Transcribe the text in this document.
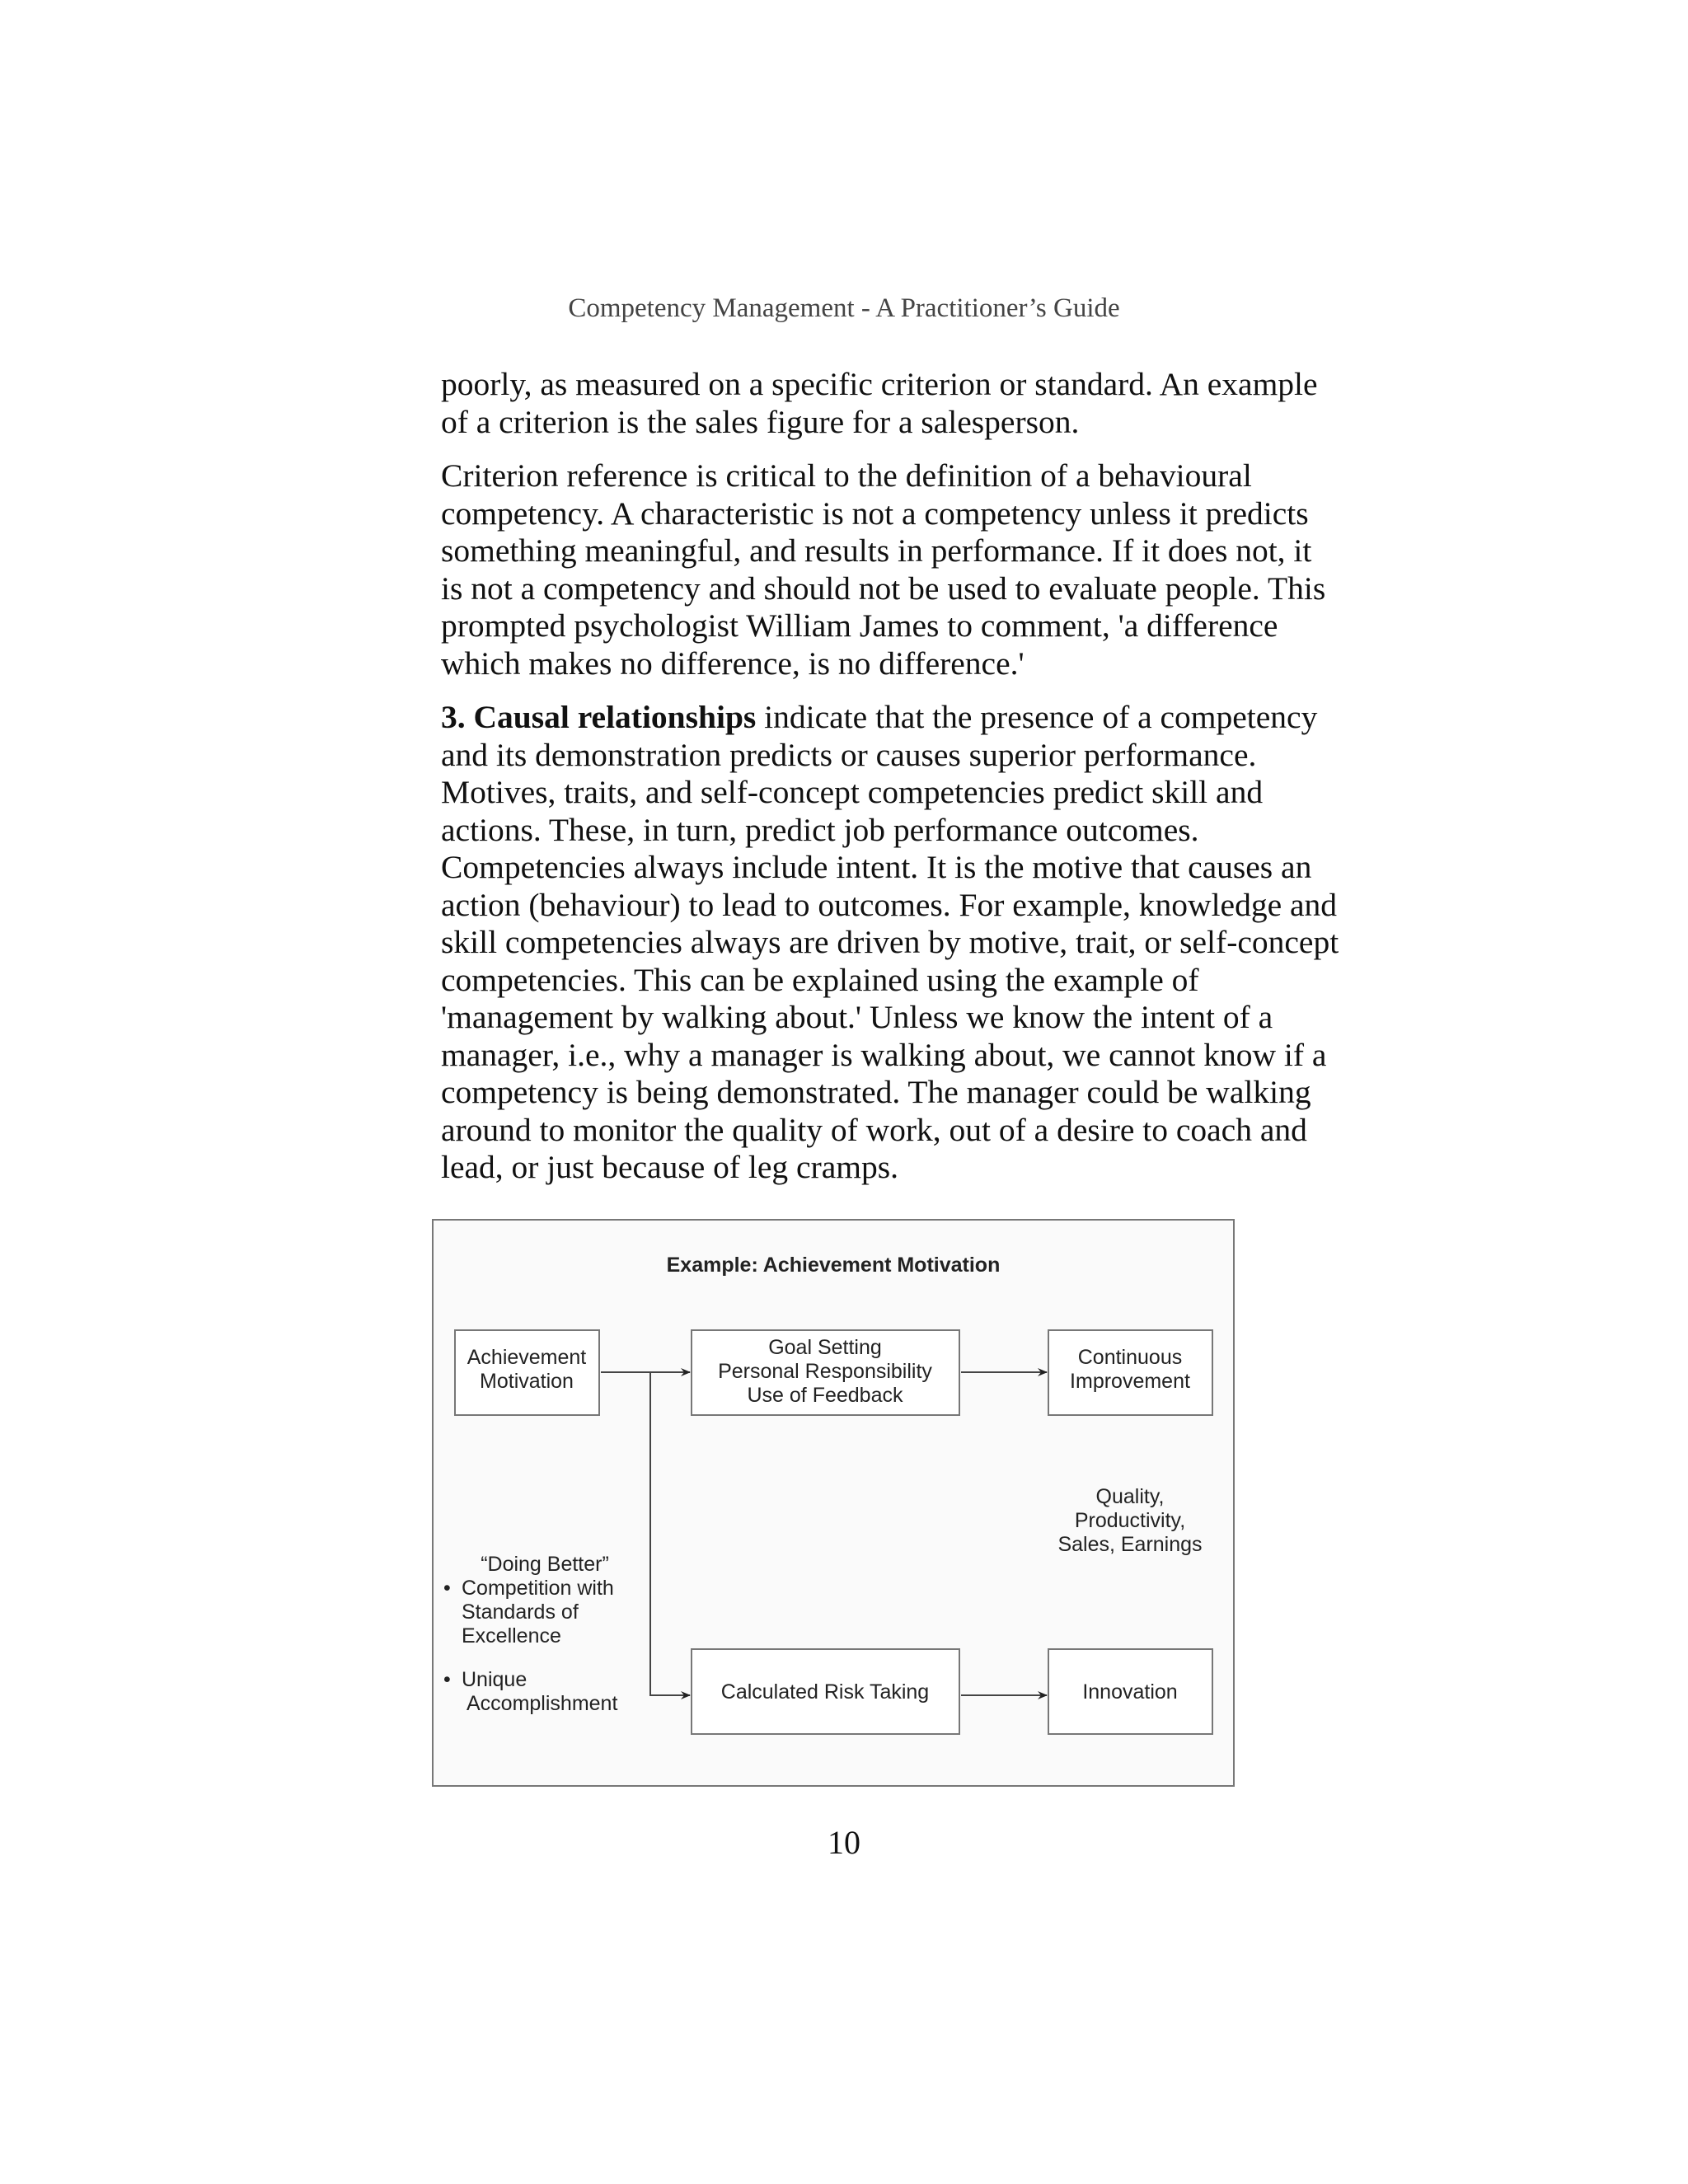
Competency Management - A Practitioner’s Guide

poorly, as measured on a specific criterion or standard. An example of a criterion is the sales figure for a salesperson.

Criterion reference is critical to the definition of a behavioural competency. A characteristic is not a competency unless it predicts something meaningful, and results in performance. If it does not, it is not a competency and should not be used to evaluate people. This prompted psychologist William James to comment, 'a difference which makes no difference, is no difference.'

3. Causal relationships indicate that the presence of a competency and its demonstration predicts or causes superior performance. Motives, traits, and self-concept competencies predict skill and actions. These, in turn, predict job performance outcomes. Competencies always include intent. It is the motive that causes an action (behaviour) to lead to outcomes. For example, knowledge and skill competencies always are driven by motive, trait, or self-concept competencies. This can be explained using the example of 'management by walking about.' Unless we know the intent of a manager, i.e., why a manager is walking about, we cannot know if a competency is being demonstrated. The manager could be walking around to monitor the quality of work, out of a desire to coach and lead, or just because of leg cramps.

Example: Achievement Motivation
Achievement
Motivation
Goal Setting
Personal Responsibility
Use of Feedback
Continuous
Improvement
Calculated Risk Taking	Innovation
Quality,
Productivity,
Sales, Earnings
“Doing Better”
• Competition with
Standards of
Excellence
• Unique
Accomplishment
10
